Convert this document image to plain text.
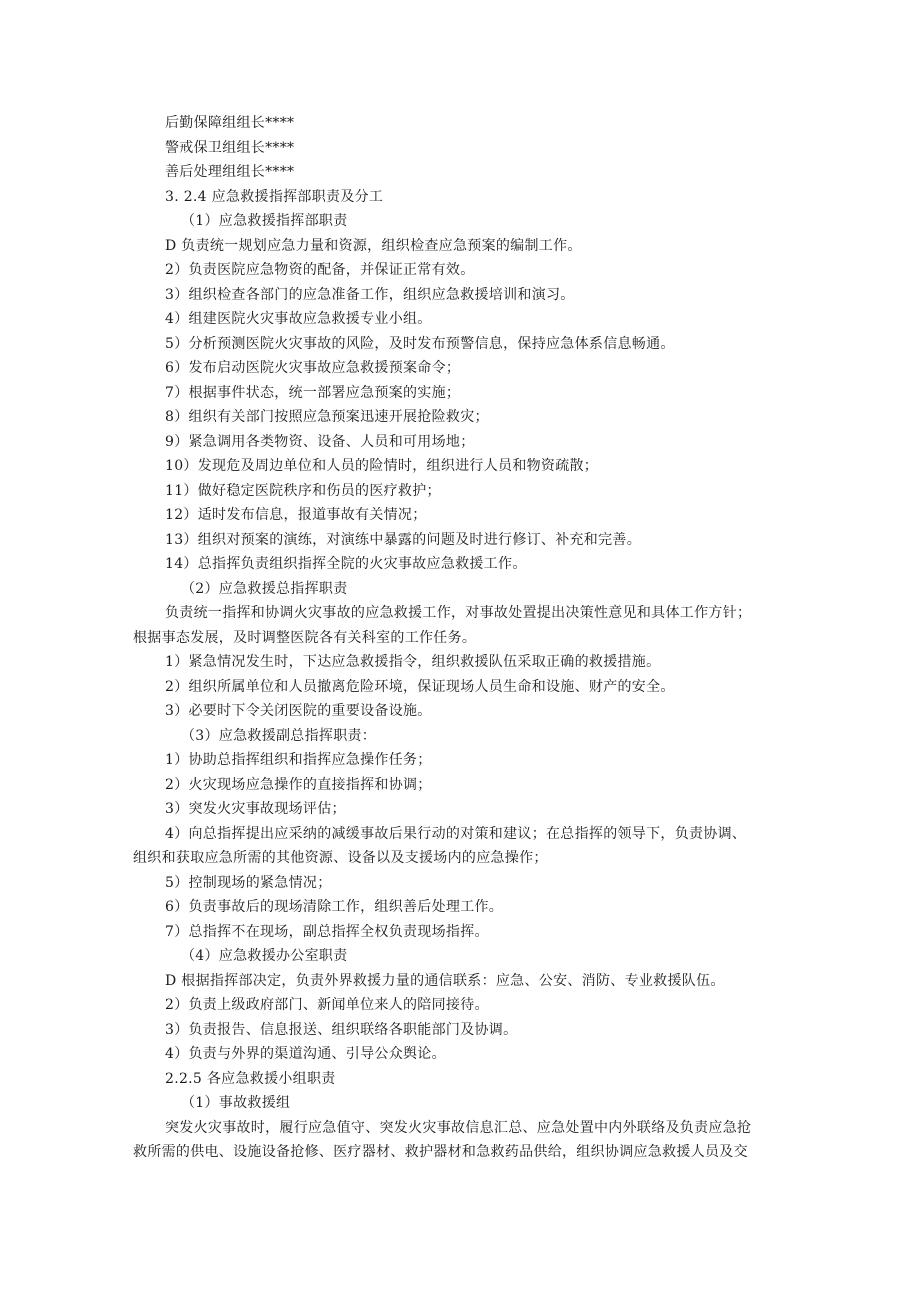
后勤保障组组长****
警戒保卫组组长****
善后处理组组长****
3. 2.4 应急救援指挥部职责及分工
（1）应急救援指挥部职责
D 负责统一规划应急力量和资源，组织检查应急预案的编制工作。
2）负责医院应急物资的配备，并保证正常有效。
3）组织检查各部门的应急准备工作，组织应急救援培训和演习。
4）组建医院火灾事故应急救援专业小组。
5）分析预测医院火灾事故的风险，及时发布预警信息，保持应急体系信息畅通。
6）发布启动医院火灾事故应急救援预案命令；
7）根据事件状态，统一部署应急预案的实施；
8）组织有关部门按照应急预案迅速开展抢险救灾；
9）紧急调用各类物资、设备、人员和可用场地；
10）发现危及周边单位和人员的险情时，组织进行人员和物资疏散；
11）做好稳定医院秩序和伤员的医疗救护；
12）适时发布信息，报道事故有关情况；
13）组织对预案的演练，对演练中暴露的问题及时进行修订、补充和完善。
14）总指挥负责组织指挥全院的火灾事故应急救援工作。
（2）应急救援总指挥职责
负责统一指挥和协调火灾事故的应急救援工作，对事故处置提出决策性意见和具体工作方针；
根据事态发展，及时调整医院各有关科室的工作任务。
1）紧急情况发生时，下达应急救援指令，组织救援队伍采取正确的救援措施。
2）组织所属单位和人员撤离危险环境，保证现场人员生命和设施、财产的安全。
3）必要时下令关闭医院的重要设备设施。
（3）应急救援副总指挥职责：
1）协助总指挥组织和指挥应急操作任务；
2）火灾现场应急操作的直接指挥和协调；
3）突发火灾事故现场评估；
4）向总指挥提出应采纳的减缓事故后果行动的对策和建议；在总指挥的领导下，负责协调、
组织和获取应急所需的其他资源、设备以及支援场内的应急操作；
5）控制现场的紧急情况；
6）负责事故后的现场清除工作，组织善后处理工作。
7）总指挥不在现场，副总指挥全权负责现场指挥。
（4）应急救援办公室职责
D 根据指挥部决定，负责外界救援力量的通信联系：应急、公安、消防、专业救援队伍。
2）负责上级政府部门、新闻单位来人的陪同接待。
3）负责报告、信息报送、组织联络各职能部门及协调。
4）负责与外界的渠道沟通、引导公众舆论。
2.2.5 各应急救援小组职责
（1）事故救援组
突发火灾事故时，履行应急值守、突发火灾事故信息汇总、应急处置中内外联络及负责应急抢
救所需的供电、设施设备抢修、医疗器材、救护器材和急救药品供给，组织协调应急救援人员及交
